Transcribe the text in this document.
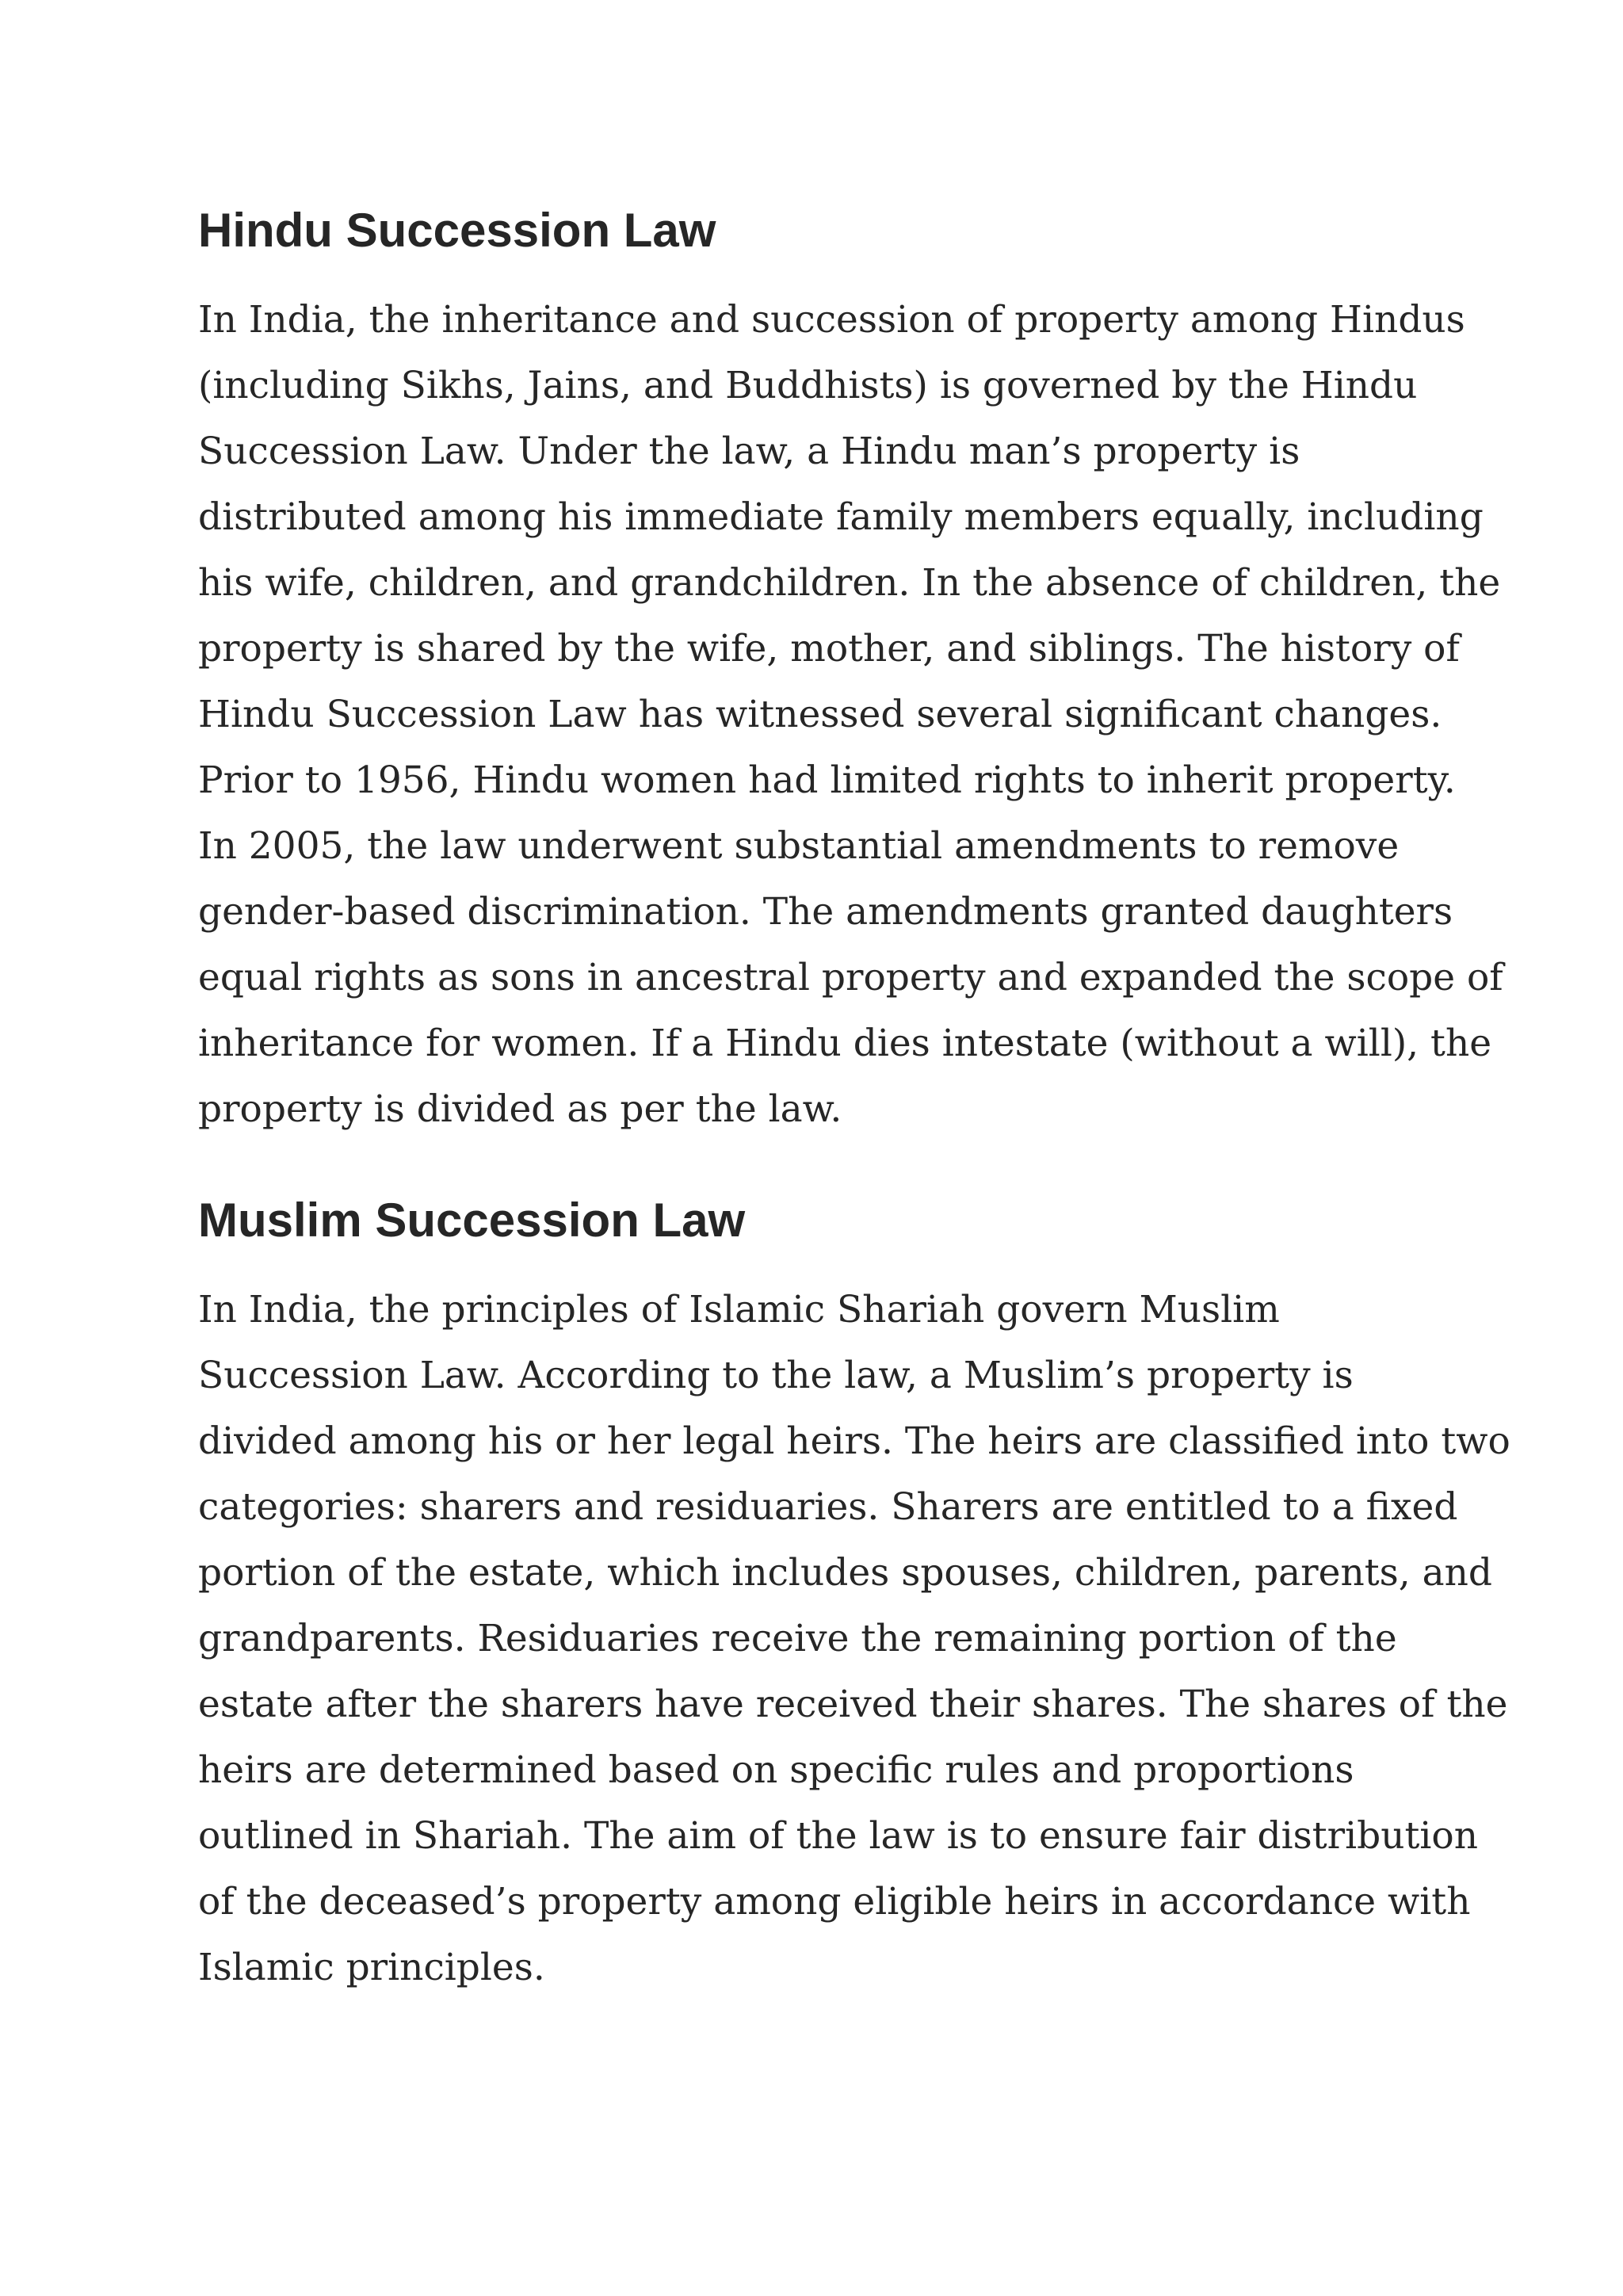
Hindu Succession Law

In India, the inheritance and succession of property among Hindus
(including Sikhs, Jains, and Buddhists) is governed by the Hindu
Succession Law. Under the law, a Hindu man’s property is
distributed among his immediate family members equally, including
his wife, children, and grandchildren. In the absence of children, the
property is shared by the wife, mother, and siblings. The history of
Hindu Succession Law has witnessed several significant changes.
Prior to 1956, Hindu women had limited rights to inherit property.
In 2005, the law underwent substantial amendments to remove
gender-based discrimination. The amendments granted daughters
equal rights as sons in ancestral property and expanded the scope of
inheritance for women. If a Hindu dies intestate (without a will), the
property is divided as per the law.

Muslim Succession Law

In India, the principles of Islamic Shariah govern Muslim
Succession Law. According to the law, a Muslim’s property is
divided among his or her legal heirs. The heirs are classified into two
categories: sharers and residuaries. Sharers are entitled to a fixed
portion of the estate, which includes spouses, children, parents, and
grandparents. Residuaries receive the remaining portion of the
estate after the sharers have received their shares. The shares of the
heirs are determined based on specific rules and proportions
outlined in Shariah. The aim of the law is to ensure fair distribution
of the deceased’s property among eligible heirs in accordance with
Islamic principles.
